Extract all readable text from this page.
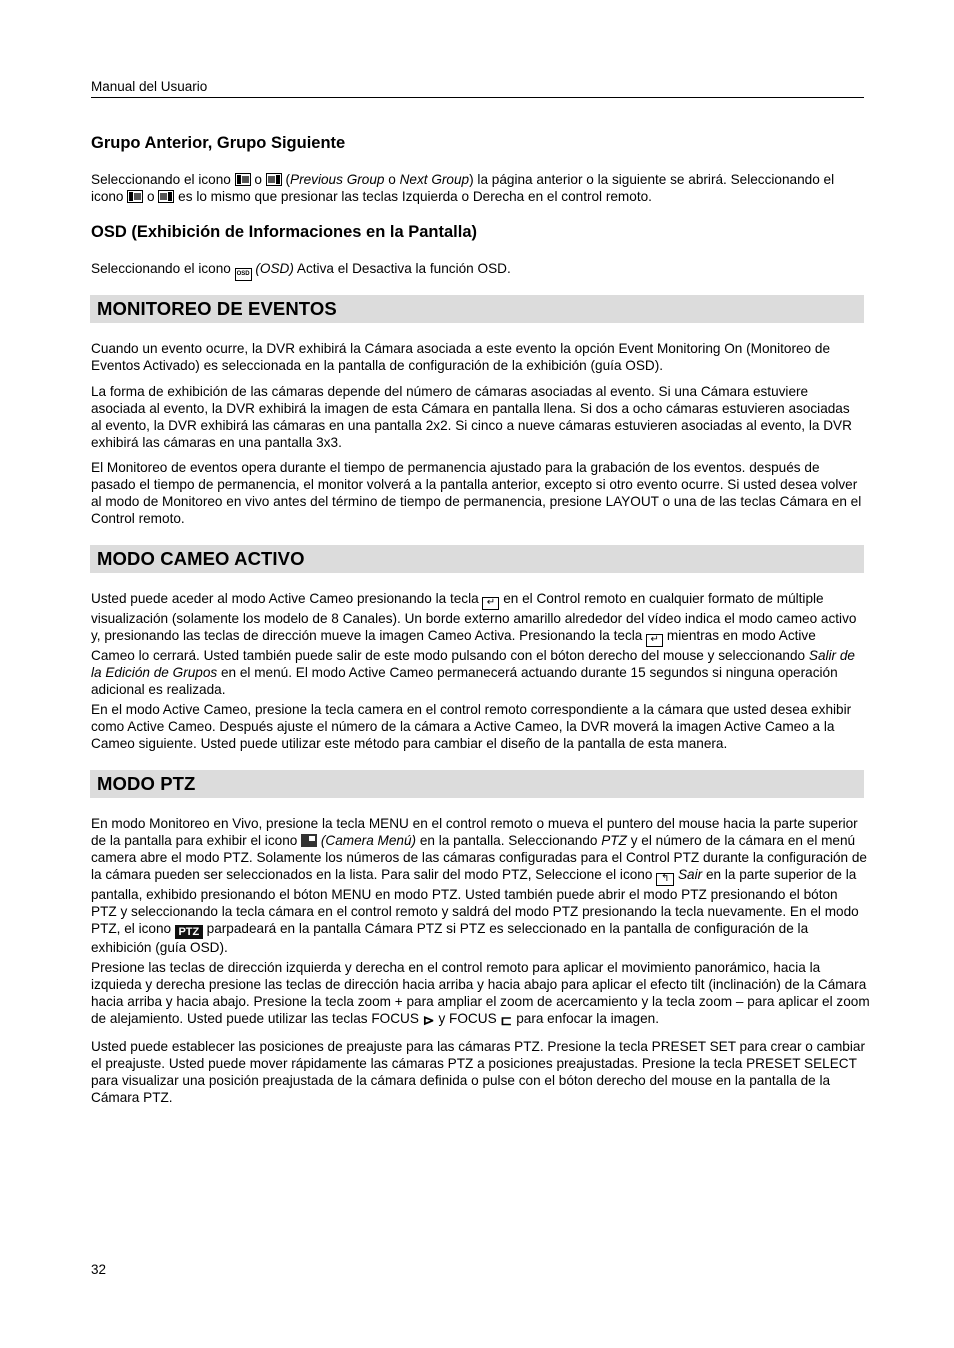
Manual del Usuario
Grupo Anterior, Grupo Siguiente

Seleccionando el icono  o  (Previous Group o Next Group) la página anterior o la siguiente se abrirá. Seleccionando el icono  o  es lo mismo que presionar las teclas Izquierda o Derecha en el control remoto.

OSD (Exhibición de Informaciones en la Pantalla)

Seleccionando el icono OSD (OSD) Activa el Desactiva la función OSD.

MONITOREO DE EVENTOS

Cuando un evento ocurre, la DVR exhibirá la Cámara asociada a este evento la opción Event Monitoring On (Monitoreo de Eventos Activado) es seleccionada en la pantalla de configuración de la exhibición (guía OSD).

La forma de exhibición de las cámaras depende del número de cámaras asociadas al evento. Si una Cámara estuviere asociada al evento, la DVR exhibirá la imagen de esta Cámara en pantalla llena. Si dos a ocho cámaras estuvieren asociadas al evento, la DVR exhibirá las cámaras en una pantalla 2x2. Si cinco a nueve cámaras estuvieren asociadas al evento, la DVR exhibirá las cámaras en una pantalla 3x3.

El Monitoreo de eventos opera durante el tiempo de permanencia ajustado para la grabación de los eventos. después de pasado el tiempo de permanencia, el monitor volverá a la pantalla anterior, excepto si otro evento ocurre. Si usted desea volver al modo de Monitoreo en vivo antes del término de tiempo de permanencia, presione LAYOUT o una de las teclas Cámara en el Control remoto.

MODO CAMEO ACTIVO

Usted puede aceder al modo Active Cameo presionando la tecla ↵ en el Control remoto en cualquier formato de múltiple visualización (solamente los modelo de 8 Canales). Un borde externo amarillo alrededor del vídeo indica el modo cameo activo y, presionando las teclas de dirección mueve la imagen Cameo Activa. Presionando la tecla ↵ mientras en modo Active Cameo lo cerrará. Usted también puede salir de este modo pulsando con el bóton derecho del mouse y seleccionando Salir de la Edición de Grupos en el menú. El modo Active Cameo permanecerá actuando durante 15 segundos si ninguna operación adicional es realizada.

En el modo Active Cameo, presione la tecla camera en el control remoto correspondiente a la cámara que usted desea exhibir como Active Cameo. Después ajuste el número de la cámara a Active Cameo, la DVR moverá la imagen Active Cameo a la Cameo siguiente. Usted puede utilizar este método para cambiar el diseño de la pantalla de esta manera.

MODO PTZ

En modo Monitoreo en Vivo, presione la tecla MENU en el control remoto o mueva el puntero del mouse hacia la parte superior de la pantalla para exhibir el icono  (Camera Menú) en la pantalla. Seleccionando PTZ y el número de la cámara en el menú camera abre el modo PTZ. Solamente los números de las cámaras configuradas para el Control PTZ durante la configuración de la cámara pueden ser seleccionados en la lista. Para salir del modo PTZ, Seleccione el icono ↰ Sair en la parte superior de la pantalla, exhibido presionando el bóton MENU en modo PTZ. Usted también puede abrir el modo PTZ presionando el bóton PTZ y seleccionando la tecla cámara en el control remoto y saldrá del modo PTZ presionando la tecla nuevamente. En el modo PTZ, el icono PTZ parpadeará en la pantalla Cámara PTZ si PTZ es seleccionado en la pantalla de configuración de la exhibición (guía OSD).

Presione las teclas de dirección izquierda y derecha en el control remoto para aplicar el movimiento panorámico, hacia la izquieda y derecha presione las teclas de dirección hacia arriba y hacia abajo para aplicar el efecto tilt (inclinación) de la Cámara hacia arriba y hacia abajo. Presione la tecla zoom + para ampliar el zoom de acercamiento y la tecla zoom – para aplicar el zoom de alejamiento. Usted puede utilizar las teclas FOCUS ⊳ y FOCUS ⊏ para enfocar la imagen.

Usted puede establecer las posiciones de preajuste para las cámaras PTZ. Presione la tecla PRESET SET para crear o cambiar el preajuste. Usted puede mover rápidamente las cámaras PTZ a posiciones preajustadas. Presione la tecla PRESET SELECT para visualizar una posición preajustada de la cámara definida o pulse con el bóton derecho del mouse en la pantalla de la Cámara PTZ.

32
